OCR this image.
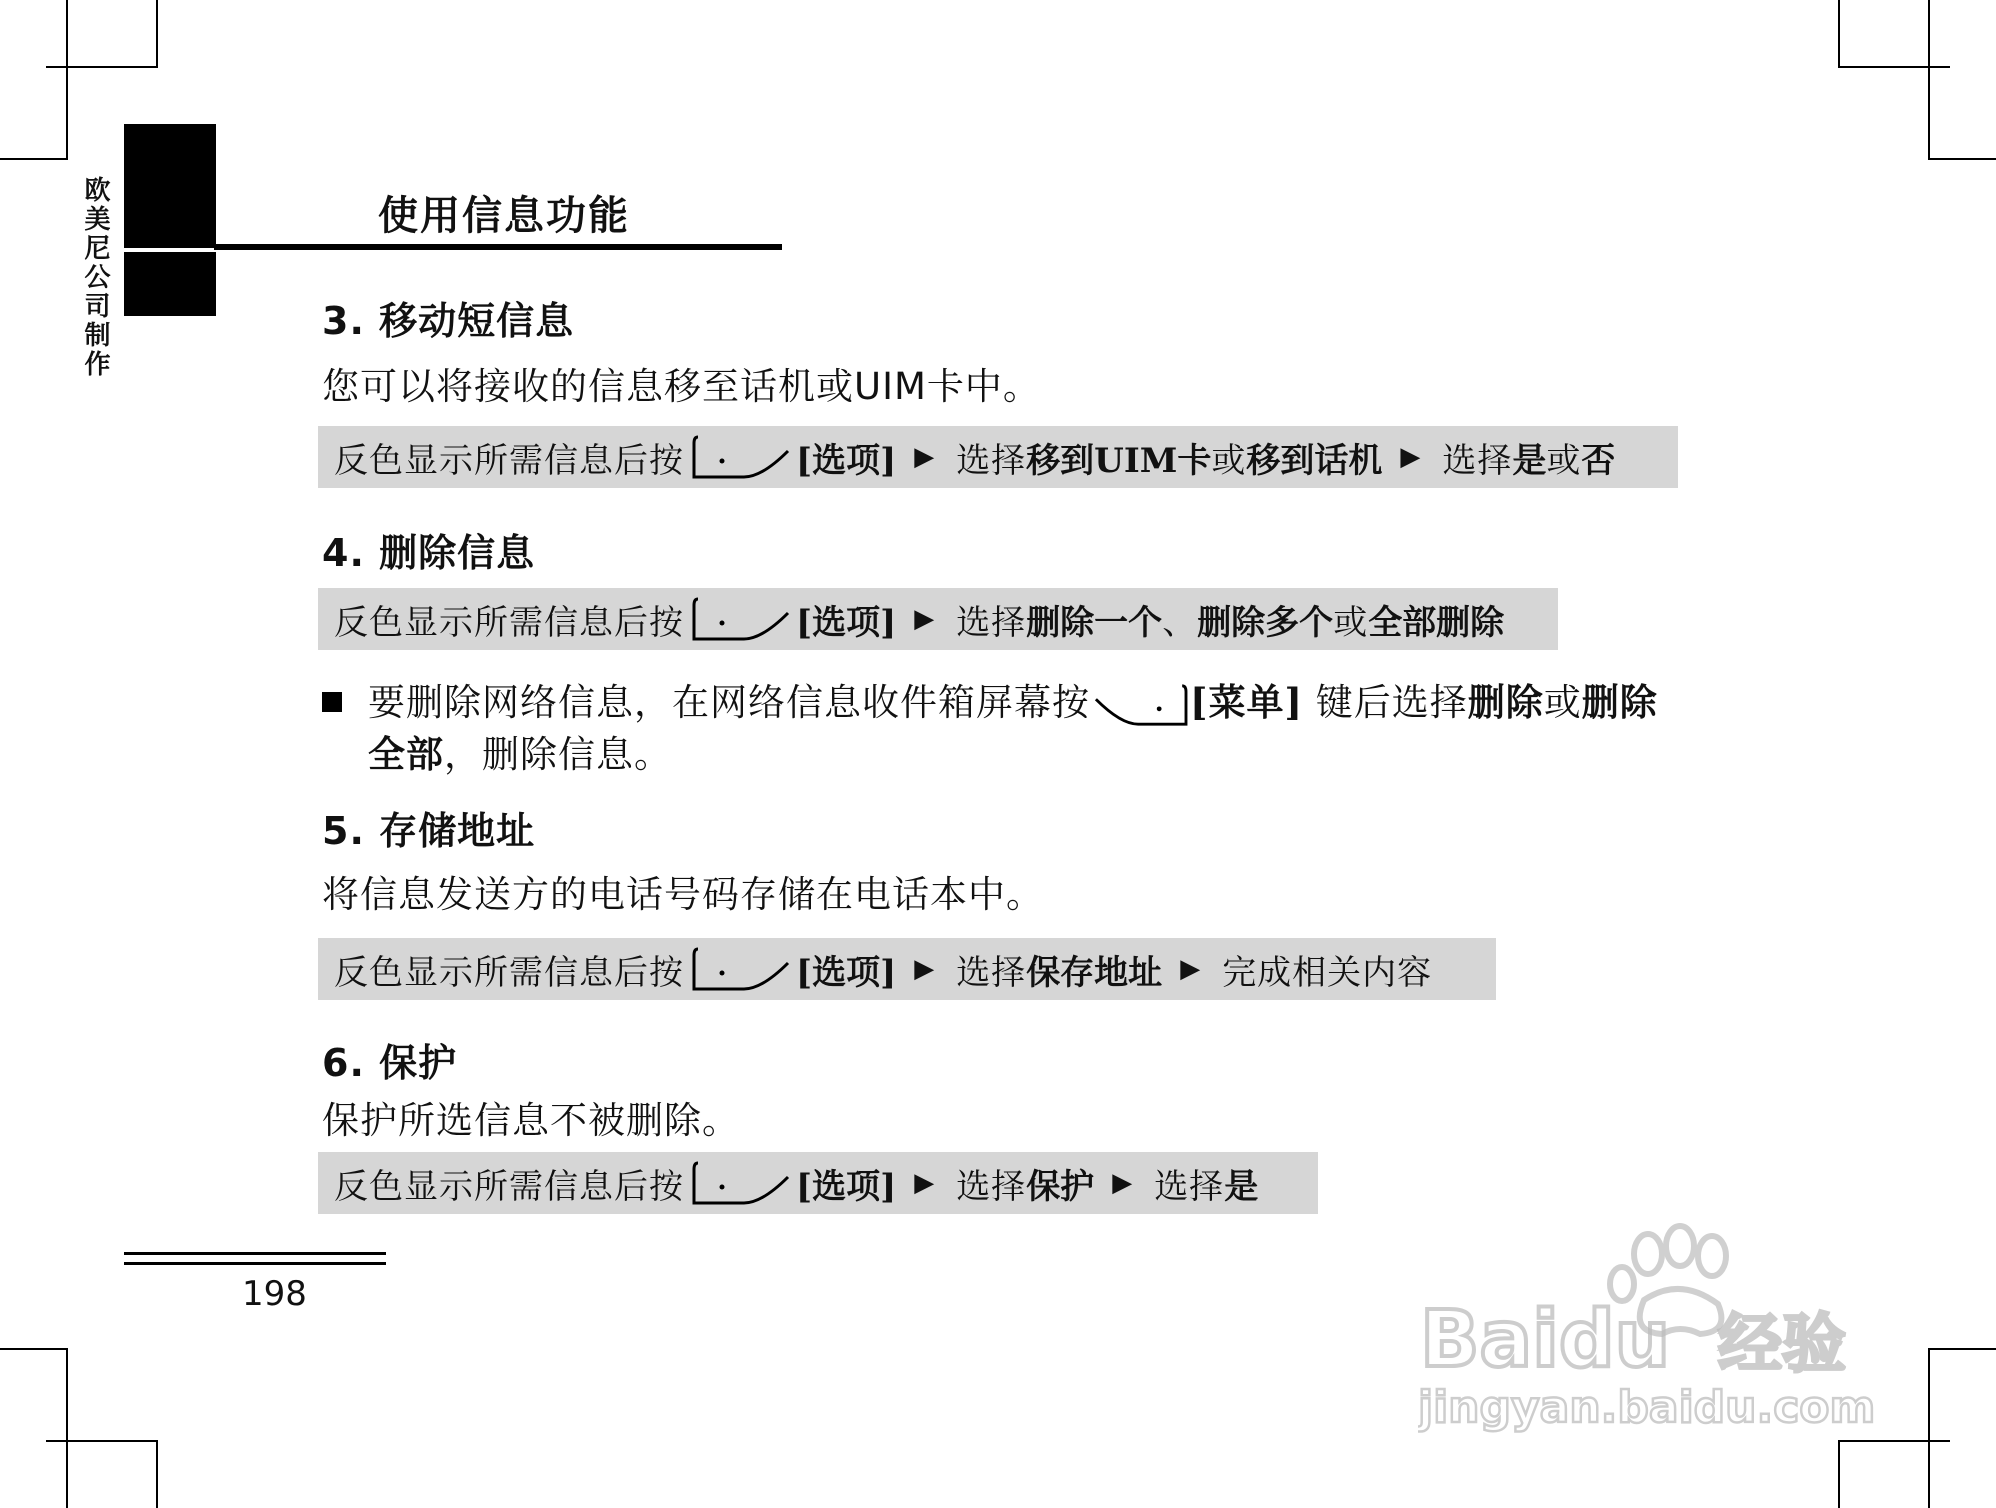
欧美尼公司制作	使用信息功能
3. 移动短信息
您可以将接收的信息移至话机或UIM卡中。
反色显示所需信息后按	[选项] ▶ 选择 移到UIM卡 或 移到话机 ▶ 选择 是 或 否
4. 删除信息
反色显示所需信息后按	[选项] ▶ 选择 删除一个 、 删除多个 或 全部删除
要删除网络信息，在网络信息收件箱屏幕按	[菜单] 键后选择删除或删除
全部，删除信息。
5. 存储地址
将信息发送方的电话号码存储在电话本中。
反色显示所需信息后按	[选项] ▶ 选择 保存地址 ▶ 完成相关内容
6. 保护
保护所选信息不被删除。
反色显示所需信息后按	[选项] ▶ 选择 保护 ▶ 选择 是
198
Baidu 经验
jingyan.baidu.com
